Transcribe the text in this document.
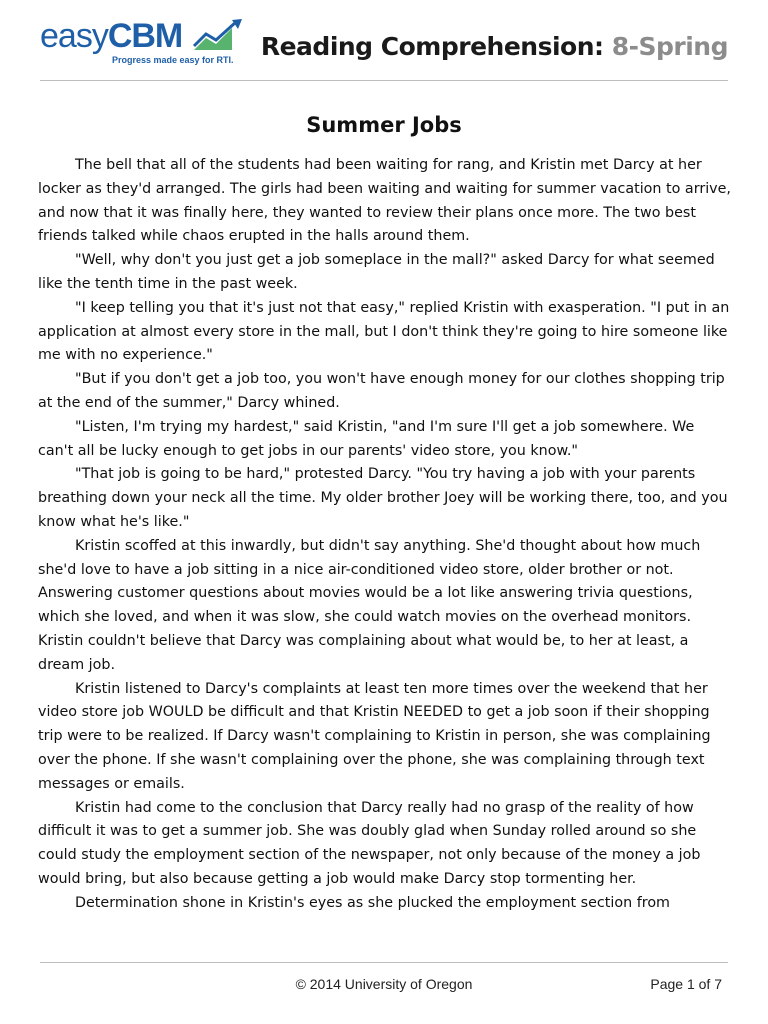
easyCBM
Progress made easy for RTI. Reading Comprehension: 8-Spring
Summer Jobs

The bell that all of the students had been waiting for rang, and Kristin met Darcy at her locker as they'd arranged. The girls had been waiting and waiting for summer vacation to arrive, and now that it was finally here, they wanted to review their plans once more. The two best friends talked while chaos erupted in the halls around them.

"Well, why don't you just get a job someplace in the mall?" asked Darcy for what seemed like the tenth time in the past week.

"I keep telling you that it's just not that easy," replied Kristin with exasperation. "I put in an application at almost every store in the mall, but I don't think they're going to hire someone like me with no experience."

"But if you don't get a job too, you won't have enough money for our clothes shopping trip at the end of the summer," Darcy whined.

"Listen, I'm trying my hardest," said Kristin, "and I'm sure I'll get a job somewhere. We can't all be lucky enough to get jobs in our parents' video store, you know."

"That job is going to be hard," protested Darcy. "You try having a job with your parents breathing down your neck all the time. My older brother Joey will be working there, too, and you know what he's like."

Kristin scoffed at this inwardly, but didn't say anything. She'd thought about how much she'd love to have a job sitting in a nice air-conditioned video store, older brother or not. Answering customer questions about movies would be a lot like answering trivia questions, which she loved, and when it was slow, she could watch movies on the overhead monitors. Kristin couldn't believe that Darcy was complaining about what would be, to her at least, a dream job.

Kristin listened to Darcy's complaints at least ten more times over the weekend that her video store job WOULD be difficult and that Kristin NEEDED to get a job soon if their shopping trip were to be realized. If Darcy wasn't complaining to Kristin in person, she was complaining over the phone. If she wasn't complaining over the phone, she was complaining through text messages or emails.

Kristin had come to the conclusion that Darcy really had no grasp of the reality of how difficult it was to get a summer job. She was doubly glad when Sunday rolled around so she could study the employment section of the newspaper, not only because of the money a job would bring, but also because getting a job would make Darcy stop tormenting her.

Determination shone in Kristin's eyes as she plucked the employment section from

© 2014 University of Oregon	Page 1 of 7
